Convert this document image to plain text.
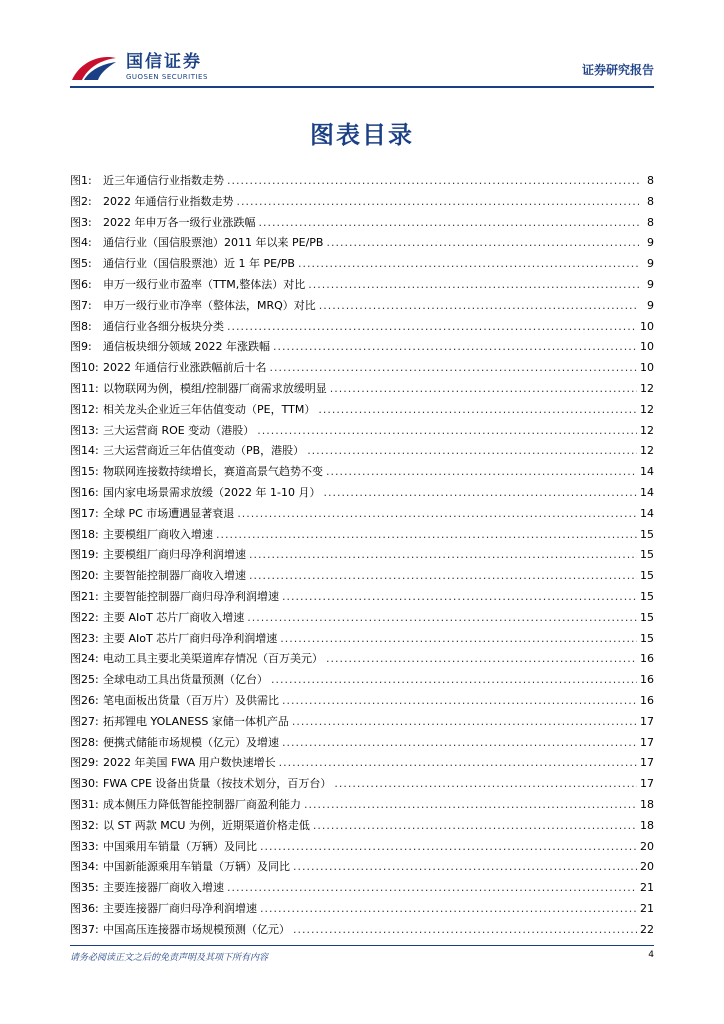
国信证券
GUOSEN SECURITIES	证券研究报告
图表目录
图1:	近三年通信行业指数走势 .....	8
图2:	2022 年通信行业指数走势 .....	8
图3:	2022 年申万各一级行业涨跌幅 .....	8
图4:	通信行业（国信股票池）2011 年以来 PE/PB .....	9
图5:	通信行业（国信股票池）近 1 年 PE/PB .....	9
图6:	申万一级行业市盈率（TTM,整体法）对比 .....	9
图7:	申万一级行业市净率（整体法，MRQ）对比 .....	9
图8:	通信行业各细分板块分类 .....	10
图9:	通信板块细分领域 2022 年涨跌幅 .....	10
图10: 2022 年通信行业涨跌幅前后十名 .....	10
图11: 以物联网为例，模组/控制器厂商需求放缓明显 .....	12
图12: 相关龙头企业近三年估值变动（PE，TTM） .....	12
图13: 三大运营商 ROE 变动（港股） .....	12
图14: 三大运营商近三年估值变动（PB，港股） .....	12
图15: 物联网连接数持续增长，赛道高景气趋势不变 .....	14
图16: 国内家电场景需求放缓（2022 年 1-10 月） .....	14
图17: 全球 PC 市场遭遇显著衰退 .....	14
图18: 主要模组厂商收入增速 .....	15
图19: 主要模组厂商归母净利润增速 .....	15
图20: 主要智能控制器厂商收入增速 .....	15
图21: 主要智能控制器厂商归母净利润增速 .....	15
图22: 主要 AIoT 芯片厂商收入增速 .....	15
图23: 主要 AIoT 芯片厂商归母净利润增速 .....	15
图24: 电动工具主要北美渠道库存情况（百万美元） .....	16
图25: 全球电动工具出货量预测（亿台） .....	16
图26: 笔电面板出货量（百万片）及供需比 .....	16
图27: 拓邦锂电 YOLANESS 家储一体机产品 .....	17
图28: 便携式储能市场规模（亿元）及增速 .....	17
图29: 2022 年美国 FWA 用户数快速增长 .....	17
图30: FWA CPE 设备出货量（按技术划分，百万台） .....	17
图31: 成本侧压力降低智能控制器厂商盈利能力 .....	18
图32: 以 ST 两款 MCU 为例，近期渠道价格走低 .....	18
图33: 中国乘用车销量（万辆）及同比 .....	20
图34: 中国新能源乘用车销量（万辆）及同比 .....	20
图35: 主要连接器厂商收入增速 .....	21
图36: 主要连接器厂商归母净利润增速 .....	21
图37: 中国高压连接器市场规模预测（亿元） .....	22
请务必阅读正文之后的免责声明及其项下所有内容	4
